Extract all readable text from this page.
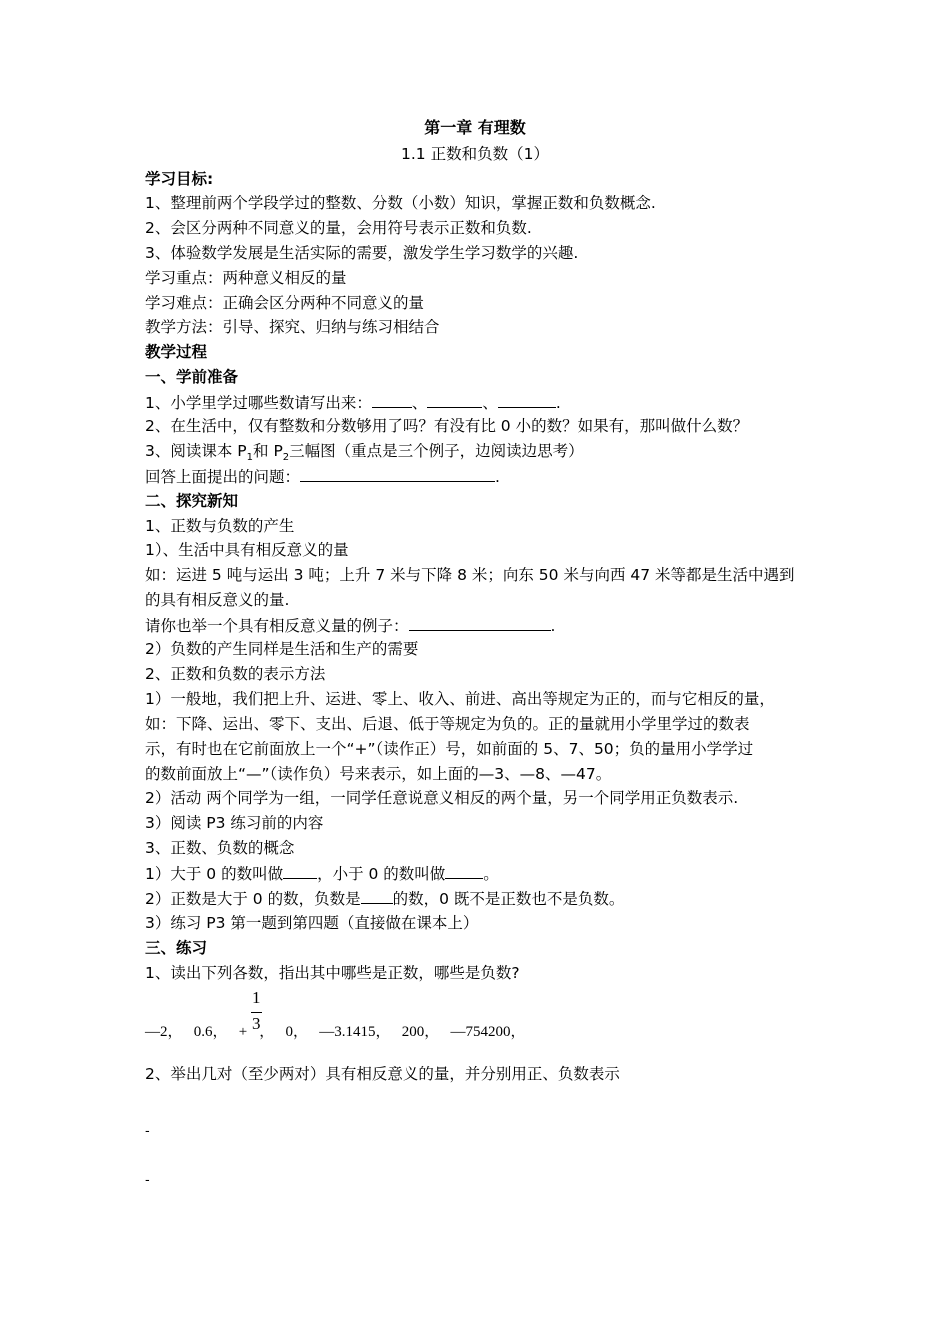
第一章 有理数
1.1 正数和负数（1）
学习目标:
1、整理前两个学段学过的整数、分数（小数）知识，掌握正数和负数概念.
2、会区分两种不同意义的量，会用符号表示正数和负数.
3、体验数学发展是生活实际的需要，激发学生学习数学的兴趣.
学习重点：两种意义相反的量
学习难点：正确会区分两种不同意义的量
教学方法：引导、探究、归纳与练习相结合
教学过程
一、学前准备
1、小学里学过哪些数请写出来：	、	、	.
2、在生活中，仅有整数和分数够用了吗？有没有比 0 小的数？如果有，那叫做什么数？
3、阅读课本 $P_1$和 $P_2$三幅图（重点是三个例子，边阅读边思考）
回答上面提出的问题：	.
二、探究新知
1、正数与负数的产生
1）、生活中具有相反意义的量
如：运进 5 吨与运出 3 吨；上升 7 米与下降 8 米；向东 50 米与向西 47 米等都是生活中遇到
的具有相反意义的量.
请你也举一个具有相反意义量的例子：	.
2）负数的产生同样是生活和生产的需要
2、正数和负数的表示方法
1）一般地，我们把上升、运进、零上、收入、前进、高出等规定为正的，而与它相反的量，
如：下降、运出、零下、支出、后退、低于等规定为负的。正的量就用小学里学过的数表
示，有时也在它前面放上一个“+”（读作正）号，如前面的 5、7、50；负的量用小学学过
的数前面放上“—”（读作负）号来表示，如上面的—3、—8、—47。
2）活动 两个同学为一组，一同学任意说意义相反的两个量，另一个同学用正负数表示.
3）阅读 P3 练习前的内容
3、正数、负数的概念
1）大于 0 的数叫做 ，小于 0 的数叫做 。
2）正数是大于 0 的数，负数是 的数，0 既不是正数也不是负数。
3）练习 P3 第一题到第四题（直接做在课本上）
三、练习
1、读出下列各数，指出其中哪些是正数，哪些是负数?
1
3
—2，   0.6，   + ，   0，   —3.1415，   200，   —754200，
2、举出几对（至少两对）具有相反意义的量，并分别用正、负数表示
-
-
